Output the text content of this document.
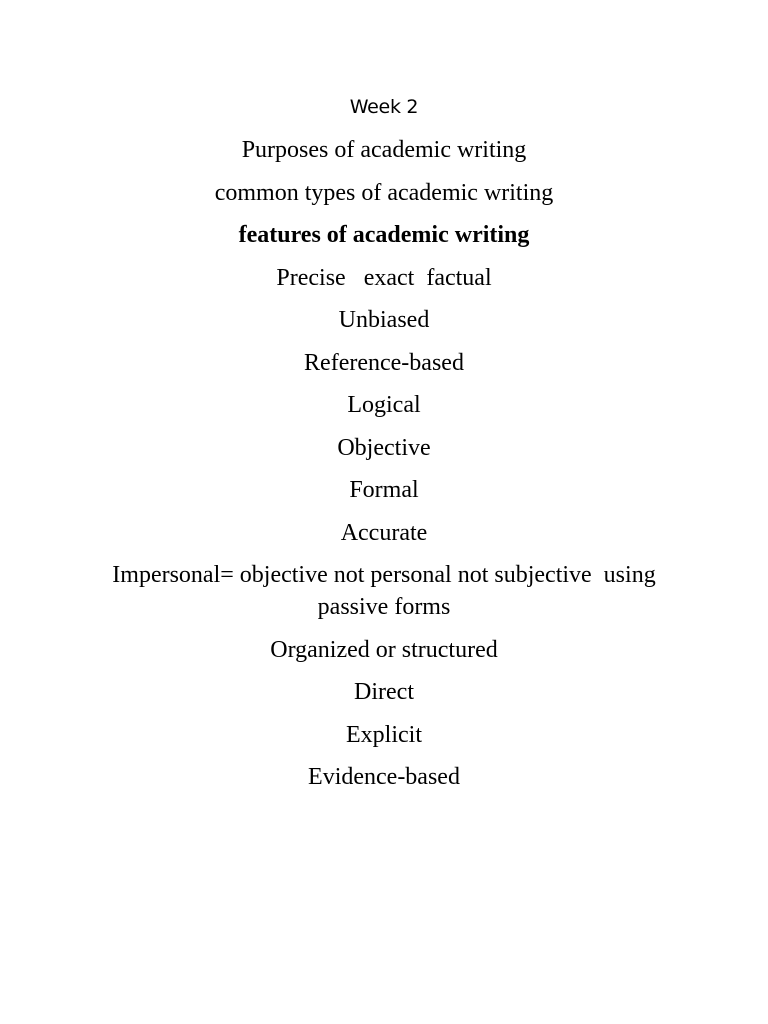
Week 2

Purposes of academic writing

common types of academic writing

features of academic writing

Precise   exact  factual

Unbiased

Reference-based

Logical

Objective

Formal

Accurate

Impersonal= objective not personal not subjective  using passive forms

Organized or structured

Direct

Explicit

Evidence-based
